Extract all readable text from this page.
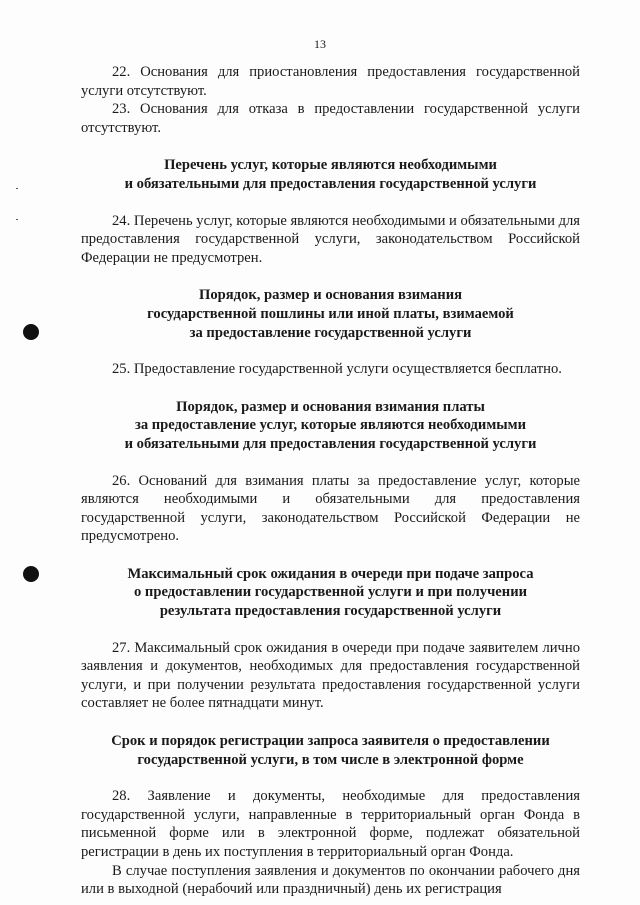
13

22. Основания для приостановления предоставления государственной услуги отсутствуют.

23. Основания для отказа в предоставлении государственной услуги отсутствуют.

Перечень услуг, которые являются необходимыми
и обязательными для предоставления государственной услуги

24. Перечень услуг, которые являются необходимыми и обязательными для предоставления государственной услуги, законодательством Российской Федерации не предусмотрен.

Порядок, размер и основания взимания
государственной пошлины или иной платы, взимаемой
за предоставление государственной услуги

25. Предоставление государственной услуги осуществляется бесплатно.

Порядок, размер и основания взимания платы
за предоставление услуг, которые являются необходимыми
и обязательными для предоставления государственной услуги

26. Оснований для взимания платы за предоставление услуг, которые являются необходимыми и обязательными для предоставления государственной услуги, законодательством Российской Федерации не предусмотрено.

Максимальный срок ожидания в очереди при подаче запроса
о предоставлении государственной услуги и при получении
результата предоставления государственной услуги

27. Максимальный срок ожидания в очереди при подаче заявителем лично заявления и документов, необходимых для предоставления государственной услуги, и при получении результата предоставления государственной услуги составляет не более пятнадцати минут.

Срок и порядок регистрации запроса заявителя о предоставлении
государственной услуги, в том числе в электронной форме

28. Заявление и документы, необходимые для предоставления государственной услуги, направленные в территориальный орган Фонда в письменной форме или в электронной форме, подлежат обязательной регистрации в день их поступления в территориальный орган Фонда.

В случае поступления заявления и документов по окончании рабочего дня или в выходной (нерабочий или праздничный) день их регистрация
